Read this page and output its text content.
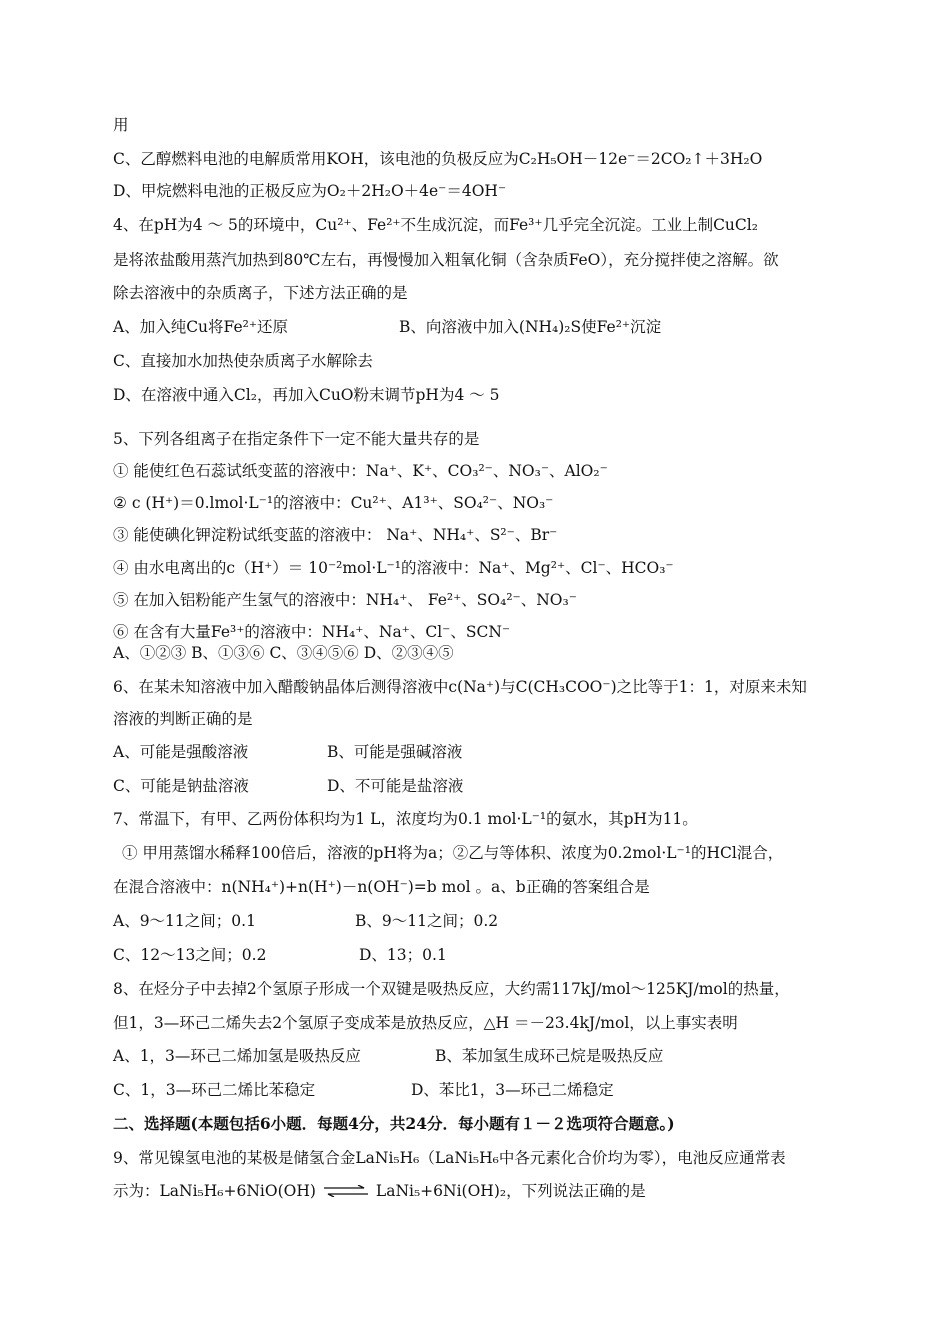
用
C、乙醇燃料电池的电解质常用KOH，该电池的负极反应为C₂H₅OH－12e⁻＝2CO₂↑＋3H₂O
D、甲烷燃料电池的正极反应为O₂＋2H₂O＋4e⁻＝4OH⁻
4、在pH为4 ～ 5的环境中，Cu²⁺、Fe²⁺不生成沉淀，而Fe³⁺几乎完全沉淀。工业上制CuCl₂
是将浓盐酸用蒸汽加热到80℃左右，再慢慢加入粗氧化铜（含杂质FeO），充分搅拌使之溶解。欲
除去溶液中的杂质离子，下述方法正确的是
A、加入纯Cu将Fe²⁺还原	B、向溶液中加入(NH₄)₂S使Fe²⁺沉淀
C、直接加水加热使杂质离子水解除去
D、在溶液中通入Cl₂，再加入CuO粉末调节pH为4 ～ 5
5、下列各组离子在指定条件下一定不能大量共存的是
① 能使红色石蕊试纸变蓝的溶液中：Na⁺、K⁺、CO₃²⁻、NO₃⁻、AlO₂⁻
② c (H⁺)＝0.lmol·L⁻¹的溶液中：Cu²⁺、A1³⁺、SO₄²⁻、NO₃⁻
③ 能使碘化钾淀粉试纸变蓝的溶液中： Na⁺、NH₄⁺、S²⁻、Br⁻
④ 由水电离出的c（H⁺）＝ 10⁻²mol·L⁻¹的溶液中：Na⁺、Mg²⁺、Cl⁻、HCO₃⁻
⑤ 在加入铝粉能产生氢气的溶液中：NH₄⁺、 Fe²⁺、SO₄²⁻、NO₃⁻
⑥ 在含有大量Fe³⁺的溶液中：NH₄⁺、Na⁺、Cl⁻、SCN⁻
A、①②③ B、①③⑥ C、③④⑤⑥ D、②③④⑤
6、在某未知溶液中加入醋酸钠晶体后测得溶液中c(Na⁺)与C(CH₃COO⁻)之比等于1：1，对原来未知
溶液的判断正确的是
A、可能是强酸溶液	B、可能是强碱溶液
C、可能是钠盐溶液	D、不可能是盐溶液
7、常温下，有甲、乙两份体积均为1 L，浓度均为0.1 mol·L⁻¹的氨水，其pH为11。
① 甲用蒸馏水稀释100倍后，溶液的pH将为a；②乙与等体积、浓度为0.2mol·L⁻¹的HCl混合，
在混合溶液中：n(NH₄⁺)+n(H⁺)－n(OH⁻)=b mol 。a、b正确的答案组合是
A、9～11之间；0.1	B、9～11之间；0.2
C、12～13之间；0.2	D、13；0.1
8、在烃分子中去掉2个氢原子形成一个双键是吸热反应，大约需117kJ/mol～125KJ/mol的热量，
但1，3—环己二烯失去2个氢原子变成苯是放热反应，△H ＝－23.4kJ/mol，以上事实表明
A、1，3—环己二烯加氢是吸热反应	B、苯加氢生成环己烷是吸热反应
C、1，3—环己二烯比苯稳定	D、苯比1，3—环己二烯稳定
二、选择题(本题包括6小题．每题4分，共24分．每小题有１－２选项符合题意。)
9、常见镍氢电池的某极是储氢合金LaNi₅H₆（LaNi₅H₆中各元素化合价均为零），电池反应通常表
示为：LaNi₅H₆+6NiO(OH) ⇌ LaNi₅+6Ni(OH)₂，下列说法正确的是
